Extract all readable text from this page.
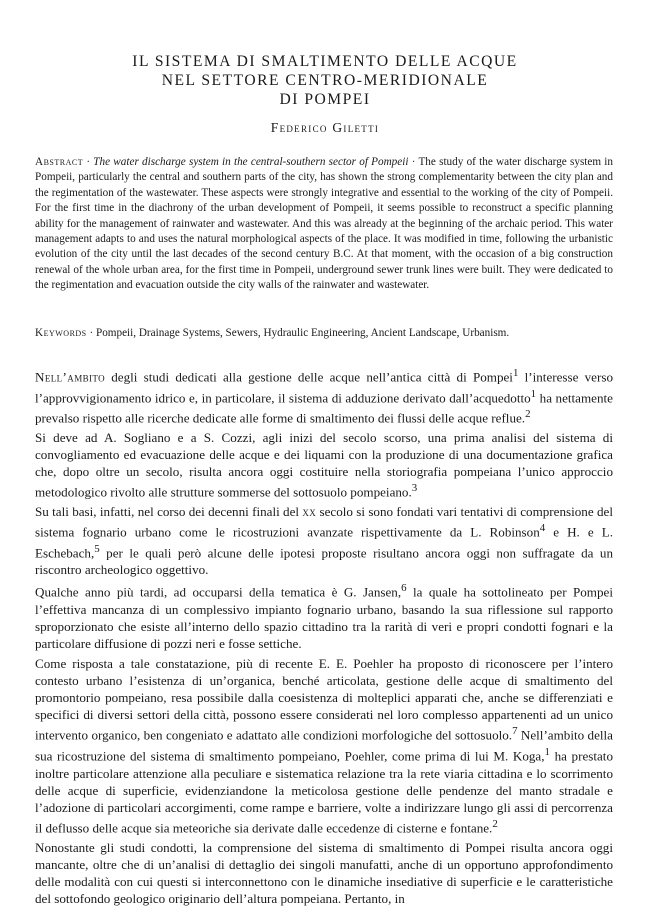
IL SISTEMA DI SMALTIMENTO DELLE ACQUE
NEL SETTORE CENTRO-MERIDIONALE
DI POMPEI
Federico Giletti
Abstract · The water discharge system in the central-southern sector of Pompeii · The study of the water discharge system in Pompeii, particularly the central and southern parts of the city, has shown the strong complementarity between the city plan and the regimentation of the wastewater. These aspects were strongly integrative and essential to the working of the city of Pompeii. For the first time in the diachrony of the urban development of Pompeii, it seems possible to reconstruct a specific planning ability for the management of rainwater and wastewater. And this was already at the beginning of the archaic period. This water management adapts to and uses the natural morphological aspects of the place. It was modified in time, following the urbanistic evolution of the city until the last decades of the second century B.C. At that moment, with the occasion of a big construction renewal of the whole urban area, for the first time in Pompeii, underground sewer trunk lines were built. They were dedicated to the regimentation and evacuation outside the city walls of the rainwater and wastewater.
Keywords · Pompeii, Drainage Systems, Sewers, Hydraulic Engineering, Ancient Landscape, Urbanism.

Nell’ambito degli studi dedicati alla gestione delle acque nell’antica città di Pompei$^1$ l’interesse verso l’approvvigionamento idrico e, in particolare, il sistema di adduzione derivato dall’acquedotto$^1$ ha nettamente prevalso rispetto alle ricerche dedicate alle forme di smaltimento dei flussi delle acque reflue.$^2$

Si deve ad A. Sogliano e a S. Cozzi, agli inizi del secolo scorso, una prima analisi del sistema di convogliamento ed evacuazione delle acque e dei liquami con la produzione di una documentazione grafica che, dopo oltre un secolo, risulta ancora oggi costituire nella storiografia pompeiana l’unico approccio metodologico rivolto alle strutture sommerse del sottosuolo pompeiano.$^3$

Su tali basi, infatti, nel corso dei decenni finali del xx secolo si sono fondati vari tentativi di comprensione del sistema fognario urbano come le ricostruzioni avanzate rispettivamente da L. Robinson$^4$ e H. e L. Eschebach,$^5$ per le quali però alcune delle ipotesi proposte risultano ancora oggi non suffragate da un riscontro archeologico oggettivo.

Qualche anno più tardi, ad occuparsi della tematica è G. Jansen,$^6$ la quale ha sottolineato per Pompei l’effettiva mancanza di un complessivo impianto fognario urbano, basando la sua riflessione sul rapporto sproporzionato che esiste all’interno dello spazio cittadino tra la rarità di veri e propri condotti fognari e la particolare diffusione di pozzi neri e fosse settiche.

Come risposta a tale constatazione, più di recente E. E. Poehler ha proposto di riconoscere per l’intero contesto urbano l’esistenza di un’organica, benché articolata, gestione delle acque di smaltimento del promontorio pompeiano, resa possibile dalla coesistenza di molteplici apparati che, anche se differenziati e specifici di diversi settori della città, possono essere considerati nel loro complesso appartenenti ad un unico intervento organico, ben congeniato e adattato alle condizioni morfologiche del sottosuolo.$^7$ Nell’ambito della sua ricostruzione del sistema di smaltimento pompeiano, Poehler, come prima di lui M. Koga,$^1$ ha prestato inoltre particolare attenzione alla peculiare e sistematica relazione tra la rete viaria cittadina e lo scorrimento delle acque di superficie, evidenziandone la meticolosa gestione delle pendenze del manto stradale e l’adozione di particolari accorgimenti, come rampe e barriere, volte a indirizzare lungo gli assi di percorrenza il deflusso delle acque sia meteoriche sia derivate dalle eccedenze di cisterne e fontane.$^2$

Nonostante gli studi condotti, la comprensione del sistema di smaltimento di Pompei risulta ancora oggi mancante, oltre che di un’analisi di dettaglio dei singoli manufatti, anche di un opportuno approfondimento delle modalità con cui questi si interconnettono con le dinamiche insediative di superficie e le caratteristiche del sottofondo geologico originario dell’altura pompeiana. Pertanto, in
